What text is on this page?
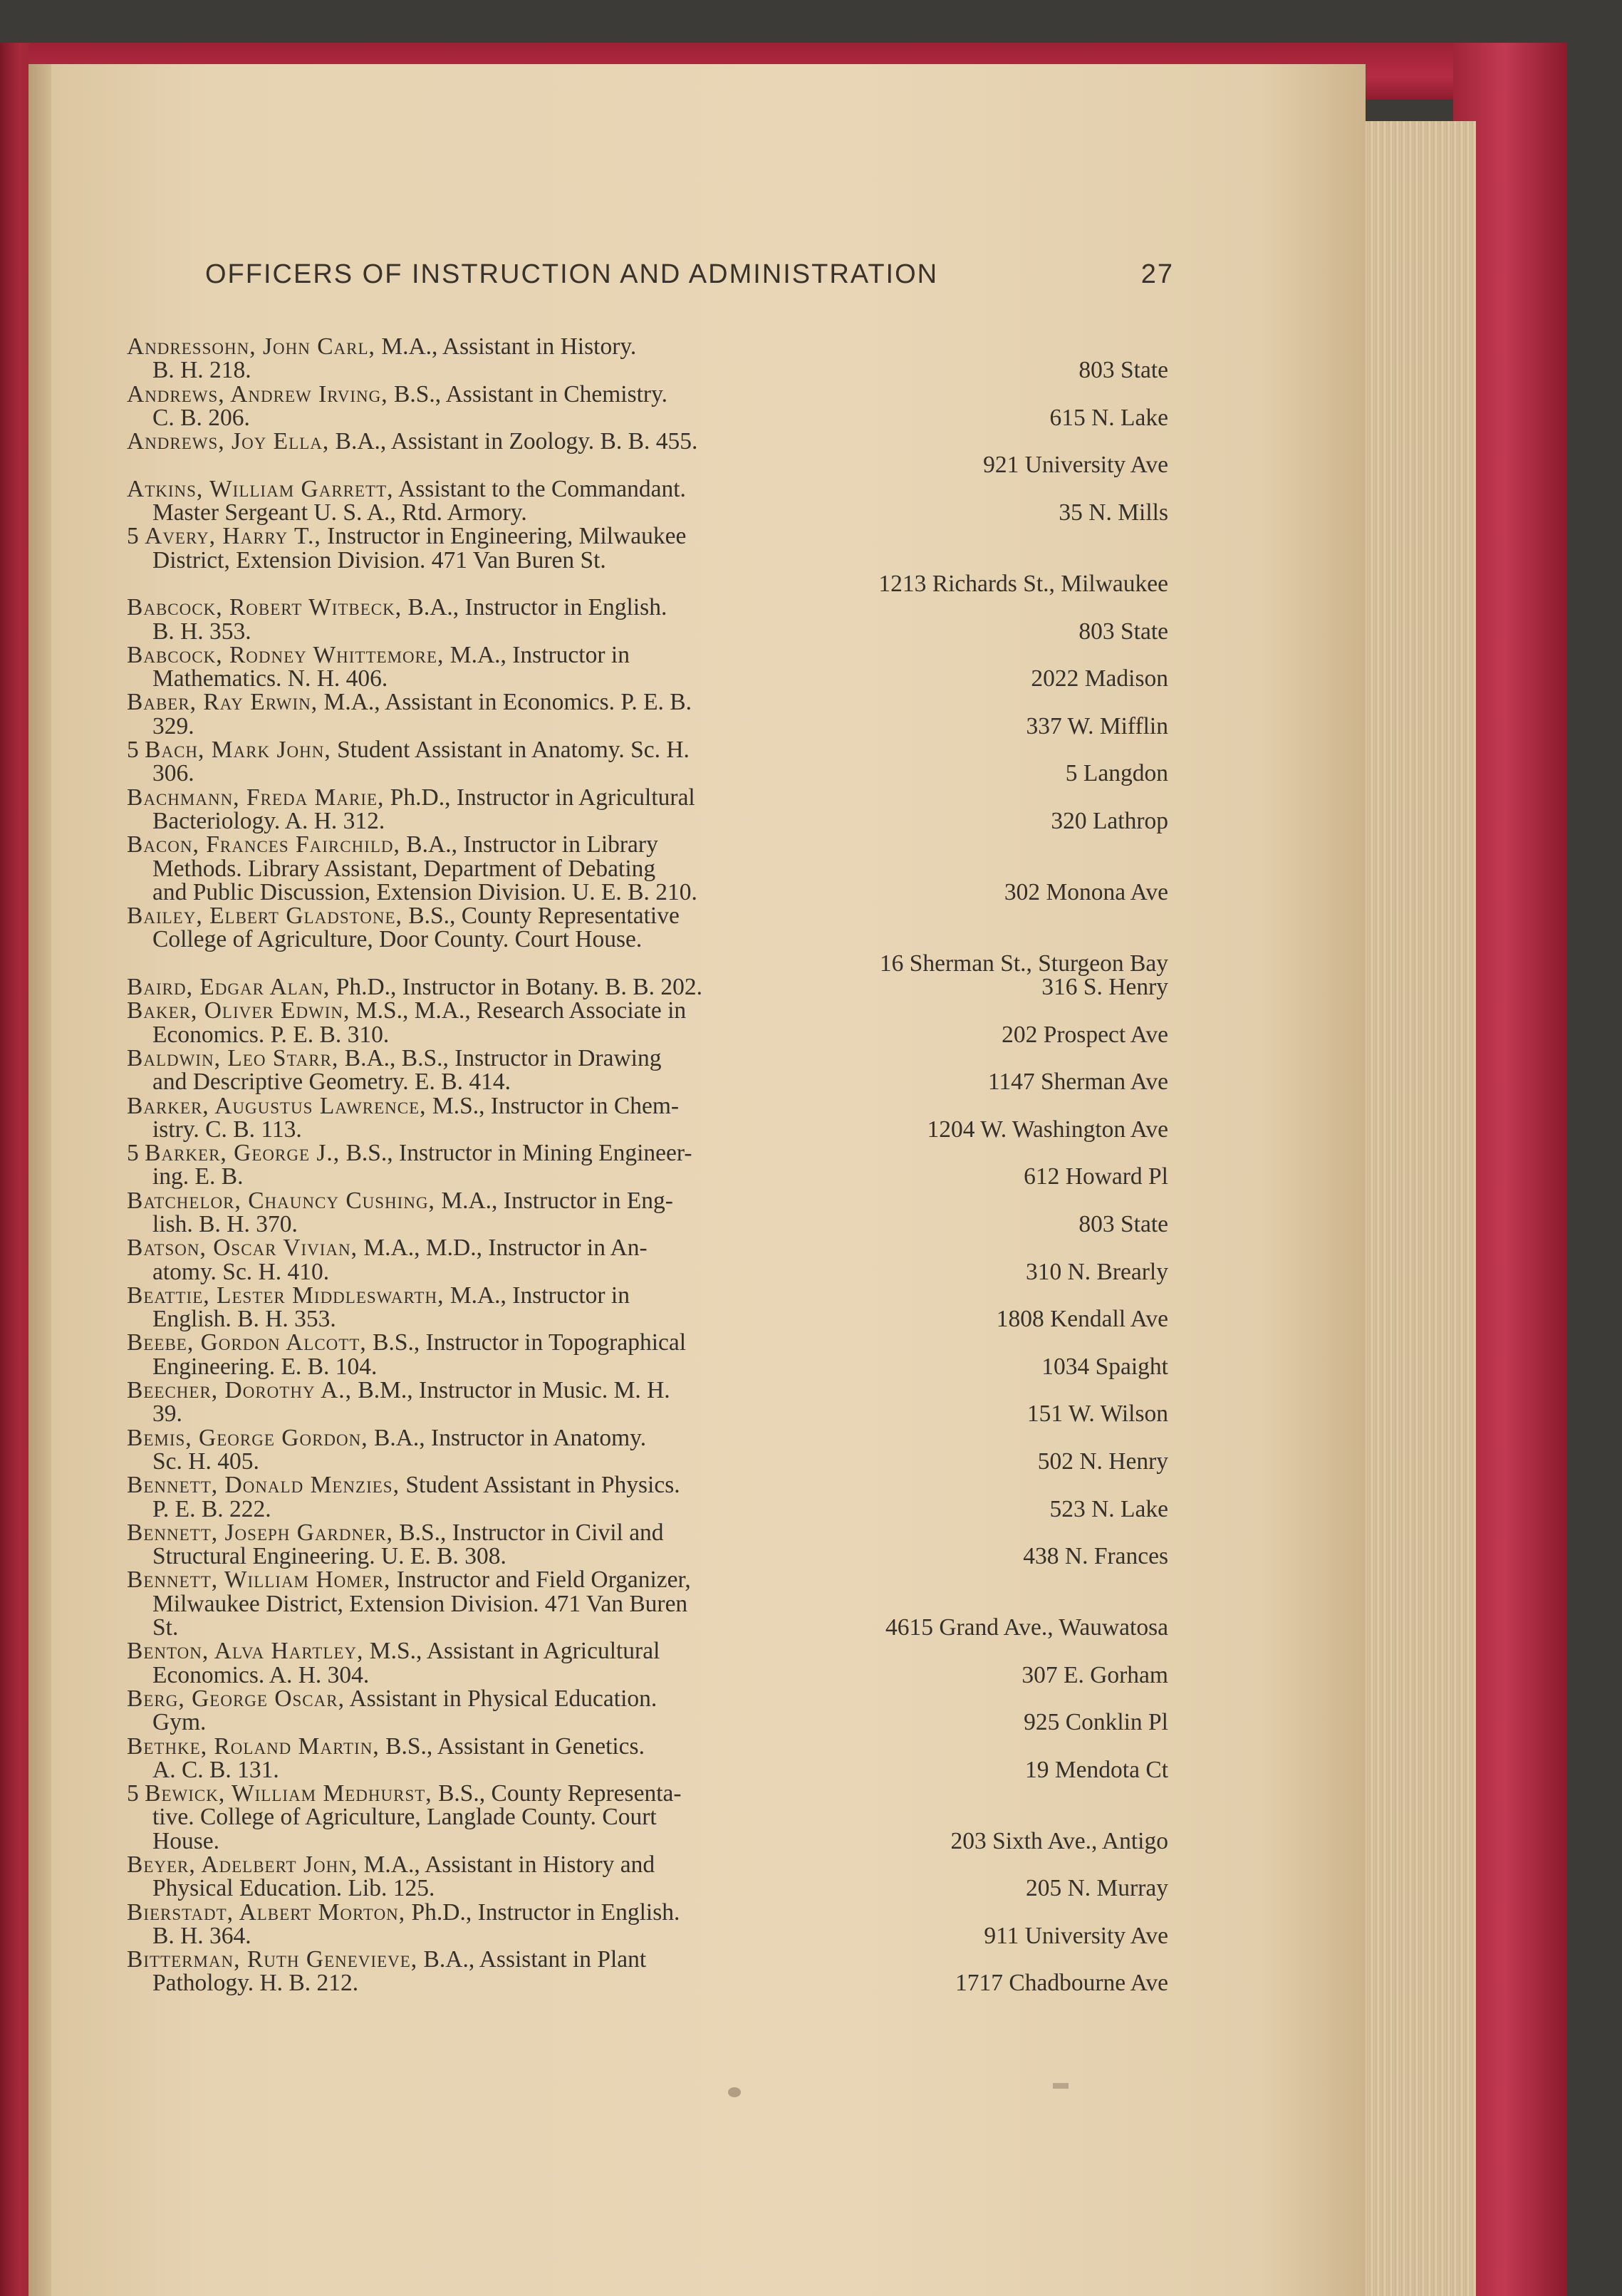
OFFICERS OF INSTRUCTION AND ADMINISTRATION	27
Andressohn, John Carl, M.A., Assistant in History.
B. H. 218.	803 State
Andrews, Andrew Irving, B.S., Assistant in Chemistry.
C. B. 206.	615 N. Lake
Andrews, Joy Ella, B.A., Assistant in Zoology. B. B. 455.
921 University Ave
Atkins, William Garrett, Assistant to the Commandant.
Master Sergeant U. S. A., Rtd. Armory.	35 N. Mills
5 Avery, Harry T., Instructor in Engineering, Milwaukee
District, Extension Division. 471 Van Buren St.
1213 Richards St., Milwaukee
Babcock, Robert Witbeck, B.A., Instructor in English.
B. H. 353.	803 State
Babcock, Rodney Whittemore, M.A., Instructor in
Mathematics. N. H. 406.	2022 Madison
Baber, Ray Erwin, M.A., Assistant in Economics. P. E. B.
329.	337 W. Mifflin
5 Bach, Mark John, Student Assistant in Anatomy. Sc. H.
306.	5 Langdon
Bachmann, Freda Marie, Ph.D., Instructor in Agricultural
Bacteriology. A. H. 312.	320 Lathrop
Bacon, Frances Fairchild, B.A., Instructor in Library
Methods. Library Assistant, Department of Debating
and Public Discussion, Extension Division. U. E. B. 210.	302 Monona Ave
Bailey, Elbert Gladstone, B.S., County Representative
College of Agriculture, Door County. Court House.
16 Sherman St., Sturgeon Bay
Baird, Edgar Alan, Ph.D., Instructor in Botany. B. B. 202.	316 S. Henry
Baker, Oliver Edwin, M.S., M.A., Research Associate in
Economics. P. E. B. 310.	202 Prospect Ave
Baldwin, Leo Starr, B.A., B.S., Instructor in Drawing
and Descriptive Geometry. E. B. 414.	1147 Sherman Ave
Barker, Augustus Lawrence, M.S., Instructor in Chem-
istry. C. B. 113.	1204 W. Washington Ave
5 Barker, George J., B.S., Instructor in Mining Engineer-
ing. E. B.	612 Howard Pl
Batchelor, Chauncy Cushing, M.A., Instructor in Eng-
lish. B. H. 370.	803 State
Batson, Oscar Vivian, M.A., M.D., Instructor in An-
atomy. Sc. H. 410.	310 N. Brearly
Beattie, Lester Middleswarth, M.A., Instructor in
English. B. H. 353.	1808 Kendall Ave
Beebe, Gordon Alcott, B.S., Instructor in Topographical
Engineering. E. B. 104.	1034 Spaight
Beecher, Dorothy A., B.M., Instructor in Music. M. H.
39.	151 W. Wilson
Bemis, George Gordon, B.A., Instructor in Anatomy.
Sc. H. 405.	502 N. Henry
Bennett, Donald Menzies, Student Assistant in Physics.
P. E. B. 222.	523 N. Lake
Bennett, Joseph Gardner, B.S., Instructor in Civil and
Structural Engineering. U. E. B. 308.	438 N. Frances
Bennett, William Homer, Instructor and Field Organizer,
Milwaukee District, Extension Division. 471 Van Buren
St.	4615 Grand Ave., Wauwatosa
Benton, Alva Hartley, M.S., Assistant in Agricultural
Economics. A. H. 304.	307 E. Gorham
Berg, George Oscar, Assistant in Physical Education.
Gym.	925 Conklin Pl
Bethke, Roland Martin, B.S., Assistant in Genetics.
A. C. B. 131.	19 Mendota Ct
5 Bewick, William Medhurst, B.S., County Representa-
tive. College of Agriculture, Langlade County. Court
House.	203 Sixth Ave., Antigo
Beyer, Adelbert John, M.A., Assistant in History and
Physical Education. Lib. 125.	205 N. Murray
Bierstadt, Albert Morton, Ph.D., Instructor in English.
B. H. 364.	911 University Ave
Bitterman, Ruth Genevieve, B.A., Assistant in Plant
Pathology. H. B. 212.	1717 Chadbourne Ave
